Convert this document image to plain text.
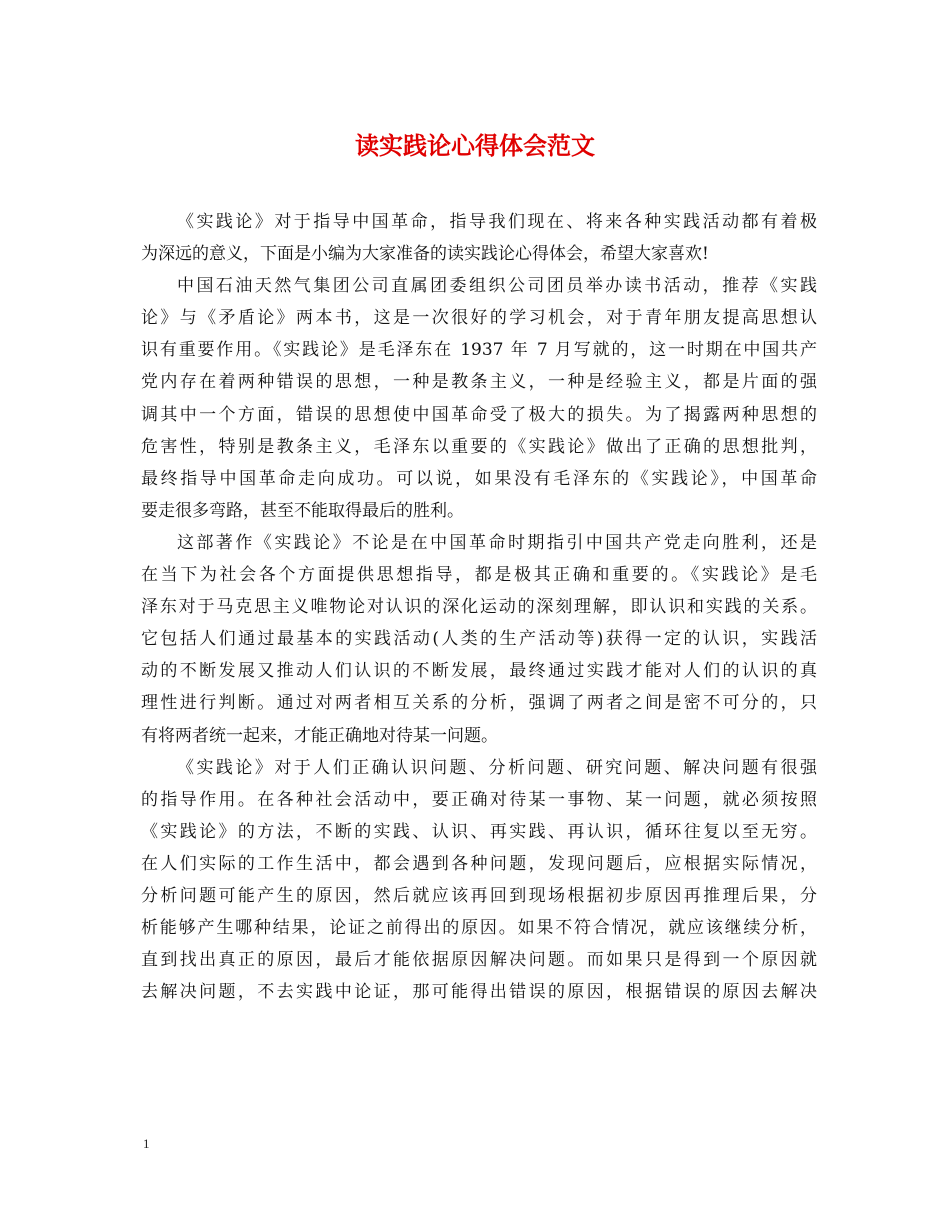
读实践论心得体会范文
《实践论》对于指导中国革命，指导我们现在、将来各种实践活动都有着极
为深远的意义，下面是小编为大家准备的读实践论心得体会，希望大家喜欢!
中国石油天然气集团公司直属团委组织公司团员举办读书活动，推荐《实践
论》与《矛盾论》两本书，这是一次很好的学习机会，对于青年朋友提高思想认
识有重要作用。《实践论》是毛泽东在 1937 年 7 月写就的，这一时期在中国共产
党内存在着两种错误的思想，一种是教条主义，一种是经验主义，都是片面的强
调其中一个方面，错误的思想使中国革命受了极大的损失。为了揭露两种思想的
危害性，特别是教条主义，毛泽东以重要的《实践论》做出了正确的思想批判，
最终指导中国革命走向成功。可以说，如果没有毛泽东的《实践论》，中国革命
要走很多弯路，甚至不能取得最后的胜利。
这部著作《实践论》不论是在中国革命时期指引中国共产党走向胜利，还是
在当下为社会各个方面提供思想指导，都是极其正确和重要的。《实践论》是毛
泽东对于马克思主义唯物论对认识的深化运动的深刻理解，即认识和实践的关系。
它包括人们通过最基本的实践活动(人类的生产活动等)获得一定的认识，实践活
动的不断发展又推动人们认识的不断发展，最终通过实践才能对人们的认识的真
理性进行判断。通过对两者相互关系的分析，强调了两者之间是密不可分的，只
有将两者统一起来，才能正确地对待某一问题。
《实践论》对于人们正确认识问题、分析问题、研究问题、解决问题有很强
的指导作用。在各种社会活动中，要正确对待某一事物、某一问题，就必须按照
《实践论》的方法，不断的实践、认识、再实践、再认识，循环往复以至无穷。
在人们实际的工作生活中，都会遇到各种问题，发现问题后，应根据实际情况，
分析问题可能产生的原因，然后就应该再回到现场根据初步原因再推理后果，分
析能够产生哪种结果，论证之前得出的原因。如果不符合情况，就应该继续分析，
直到找出真正的原因，最后才能依据原因解决问题。而如果只是得到一个原因就
去解决问题，不去实践中论证，那可能得出错误的原因，根据错误的原因去解决
1
